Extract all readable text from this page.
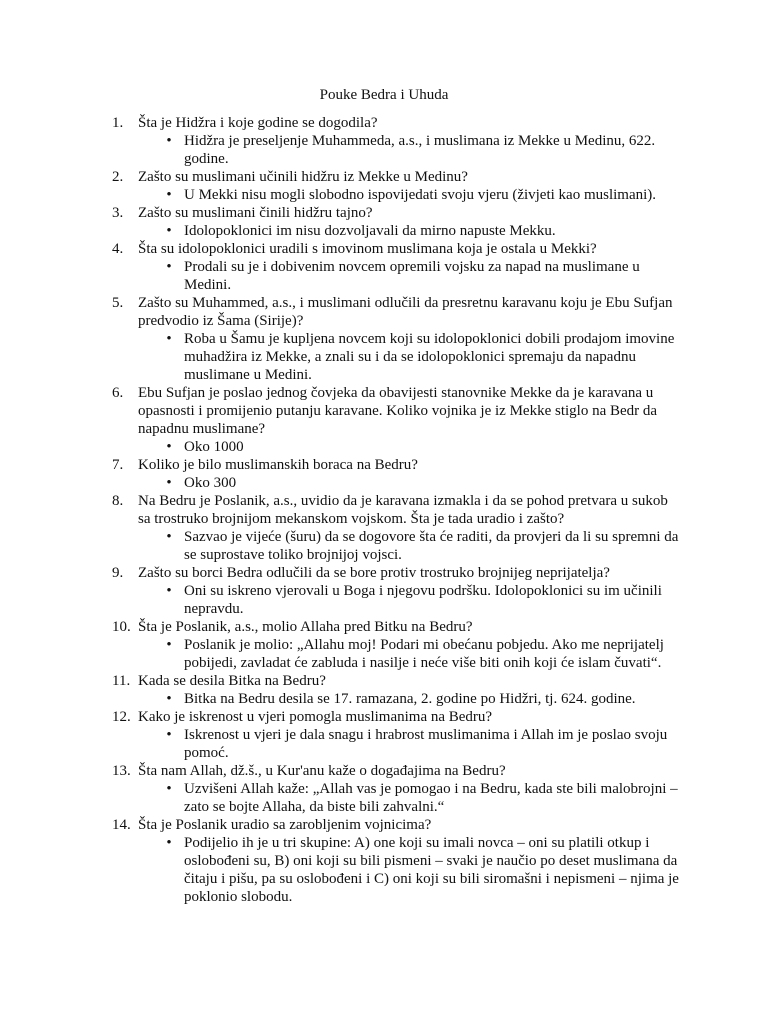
Pouke Bedra i Uhuda
1. Šta je Hidžra i koje godine se dogodila?
• Hidžra je preseljenje Muhammeda, a.s., i muslimana iz Mekke u Medinu, 622. godine.
2. Zašto su muslimani učinili hidžru iz Mekke u Medinu?
• U Mekki nisu mogli slobodno ispovijedati svoju vjeru (živjeti kao muslimani).
3. Zašto su muslimani činili hidžru tajno?
• Idolopoklonici im nisu dozvoljavali da mirno napuste Mekku.
4. Šta su idolopoklonici uradili s imovinom muslimana koja je ostala u Mekki?
• Prodali su je i dobivenim novcem opremili vojsku za napad na muslimane u Medini.
5. Zašto su Muhammed, a.s., i muslimani odlučili da presretnu karavanu koju je Ebu Sufjan predvodio iz Šama (Sirije)?
• Roba u Šamu je kupljena novcem koji su idolopoklonici dobili prodajom imovine muhadžira iz Mekke, a znali su i da se idolopoklonici spremaju da napadnu muslimane u Medini.
6. Ebu Sufjan je poslao jednog čovjeka da obavijesti stanovnike Mekke da je karavana u opasnosti i promijenio putanju karavane. Koliko vojnika je iz Mekke stiglo na Bedr da napadnu muslimane?
• Oko 1000
7. Koliko je bilo muslimanskih boraca na Bedru?
• Oko 300
8. Na Bedru je Poslanik, a.s., uvidio da je karavana izmakla i da se pohod pretvara u sukob sa trostruko brojnijom mekanskom vojskom. Šta je tada uradio i zašto?
• Sazvao je vijeće (šuru) da se dogovore šta će raditi, da provjeri da li su spremni da se suprostave toliko brojnijoj vojsci.
9. Zašto su borci Bedra odlučili da se bore protiv trostruko brojnijeg neprijatelja?
• Oni su iskreno vjerovali u Boga i njegovu podršku. Idolopoklonici su im učinili nepravdu.
10. Šta je Poslanik, a.s., molio Allaha pred Bitku na Bedru?
• Poslanik je molio: „Allahu moj! Podari mi obećanu pobjedu. Ako me neprijatelj pobijedi, zavladat će zabluda i nasilje i neće više biti onih koji će islam čuvati“.
11. Kada se desila Bitka na Bedru?
• Bitka na Bedru desila se 17. ramazana, 2. godine po Hidžri, tj. 624. godine.
12. Kako je iskrenost u vjeri pomogla muslimanima na Bedru?
• Iskrenost u vjeri je dala snagu i hrabrost muslimanima i Allah im je poslao svoju pomoć.
13. Šta nam Allah, dž.š., u Kur'anu kaže o događajima na Bedru?
• Uzvišeni Allah kaže: „Allah vas je pomogao i na Bedru, kada ste bili malobrojni – zato se bojte Allaha, da biste bili zahvalni.“
14. Šta je Poslanik uradio sa zarobljenim vojnicima?
• Podijelio ih je u tri skupine: A) one koji su imali novca – oni su platili otkup i oslobođeni su, B) oni koji su bili pismeni – svaki je naučio po deset muslimana da čitaju i pišu, pa su oslobođeni i C) oni koji su bili siromašni i nepismeni – njima je poklonio slobodu.
